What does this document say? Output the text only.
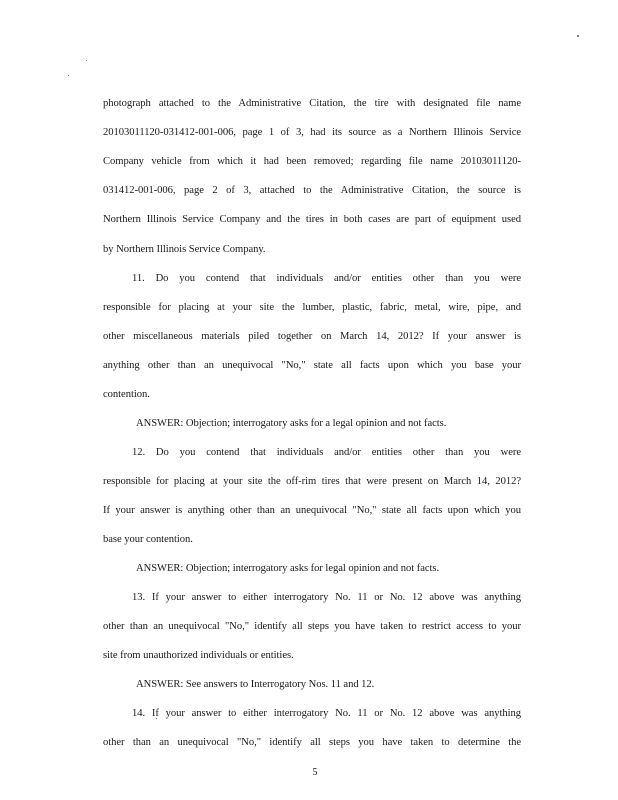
photograph attached to the Administrative Citation, the tire with designated file name
20103011120-031412-001-006, page 1 of 3, had its source as a Northern Illinois Service
Company vehicle from which it had been removed; regarding file name 20103011120-
031412-001-006, page 2 of 3, attached to the Administrative Citation, the source is
Northern Illinois Service Company and the tires in both cases are part of equipment used
by Northern Illinois Service Company.
11. Do you contend that individuals and/or entities other than you were
responsible for placing at your site the lumber, plastic, fabric, metal, wire, pipe, and
other miscellaneous materials piled together on March 14, 2012? If your answer is
anything other than an unequivocal "No," state all facts upon which you base your
contention.
ANSWER: Objection; interrogatory asks for a legal opinion and not facts.
12. Do you contend that individuals and/or entities other than you were
responsible for placing at your site the off-rim tires that were present on March 14, 2012?
If your answer is anything other than an unequivocal "No," state all facts upon which you
base your contention.
ANSWER: Objection; interrogatory asks for legal opinion and not facts.
13. If your answer to either interrogatory No. 11 or No. 12 above was anything
other than an unequivocal "No," identify all steps you have taken to restrict access to your
site from unauthorized individuals or entities.
ANSWER: See answers to Interrogatory Nos. 11 and 12.
14. If your answer to either interrogatory No. 11 or No. 12 above was anything
other than an unequivocal "No," identify all steps you have taken to determine the
5
